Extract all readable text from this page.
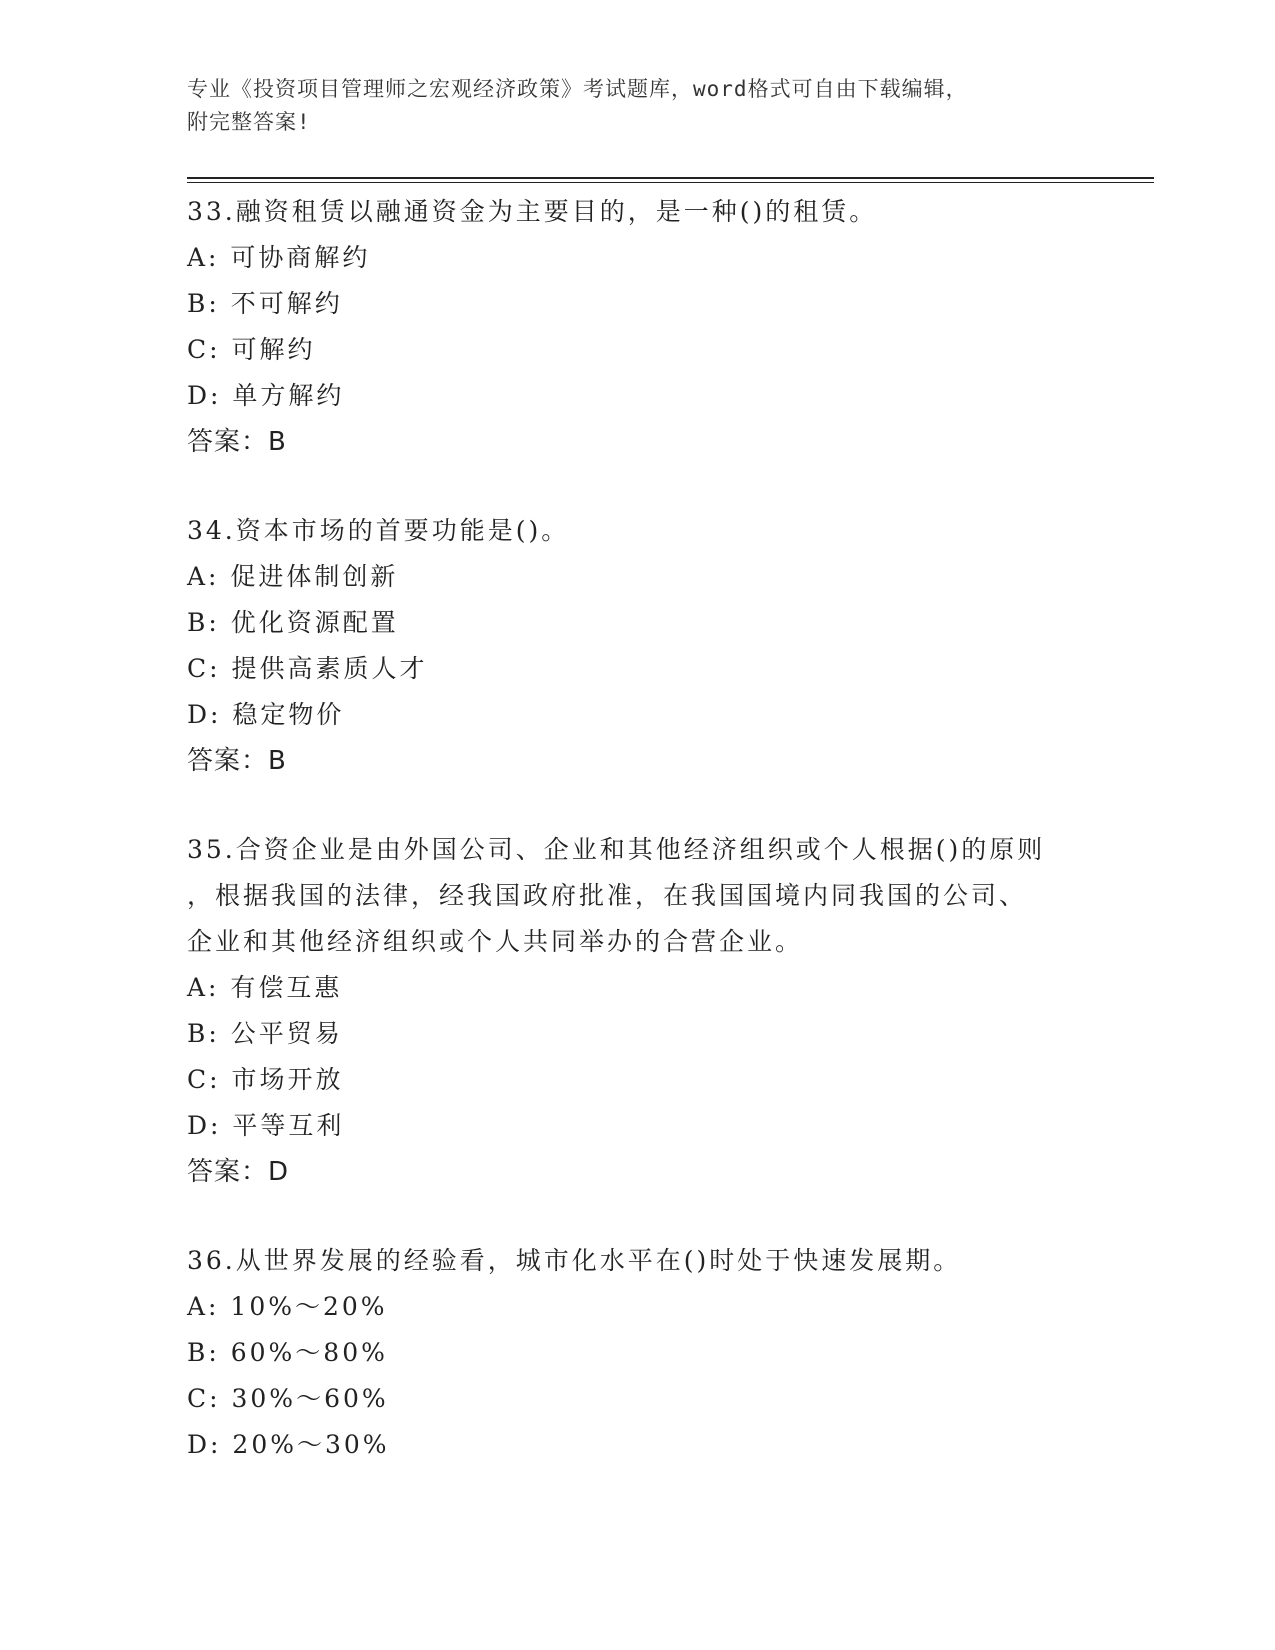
专业《投资项目管理师之宏观经济政策》考试题库，word格式可自由下载编辑，
附完整答案!
33.融资租赁以融通资金为主要目的，是一种()的租赁。
A: 可协商解约
B: 不可解约
C: 可解约
D: 单方解约
答案：B
34.资本市场的首要功能是()。
A: 促进体制创新
B: 优化资源配置
C: 提供高素质人才
D: 稳定物价
答案：B
35.合资企业是由外国公司、企业和其他经济组织或个人根据()的原则
，根据我国的法律，经我国政府批准，在我国国境内同我国的公司、
企业和其他经济组织或个人共同举办的合营企业。
A: 有偿互惠
B: 公平贸易
C: 市场开放
D: 平等互利
答案：D
36.从世界发展的经验看，城市化水平在()时处于快速发展期。
A: 10%～20%
B: 60%～80%
C: 30%～60%
D: 20%～30%
